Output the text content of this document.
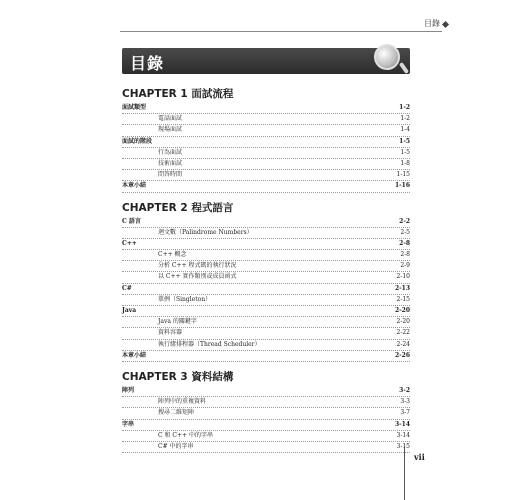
目錄
目錄
CHAPTER 1 面試流程
面試類型	1-2
電話面試	1-2
現場面試	1-4
面試的階段	1-5
行為面試	1-5
技術面試	1-8
問答時間	1-15
本章小結	1-16
CHAPTER 2 程式語言
C 語言	2-2
迴文數（Palindrome Numbers）	2-5
C++	2-8
C++ 概念	2-8
分析 C++ 程式碼的執行狀況	2-9
以 C++ 實作類別或成員函式	2-10
C#	2-13
單例（Singleton）	2-15
Java	2-20
Java 的關鍵字	2-20
資料容器	2-22
執行緒排程器（Thread Scheduler）	2-24
本章小結	2-26
CHAPTER 3 資料結構
陣列	3-2
陣列中的重複資料	3-3
搜尋二維矩陣	3-7
字串	3-14
C 和 C++ 中的字串	3-14
C# 中的字串	3-15
vii
